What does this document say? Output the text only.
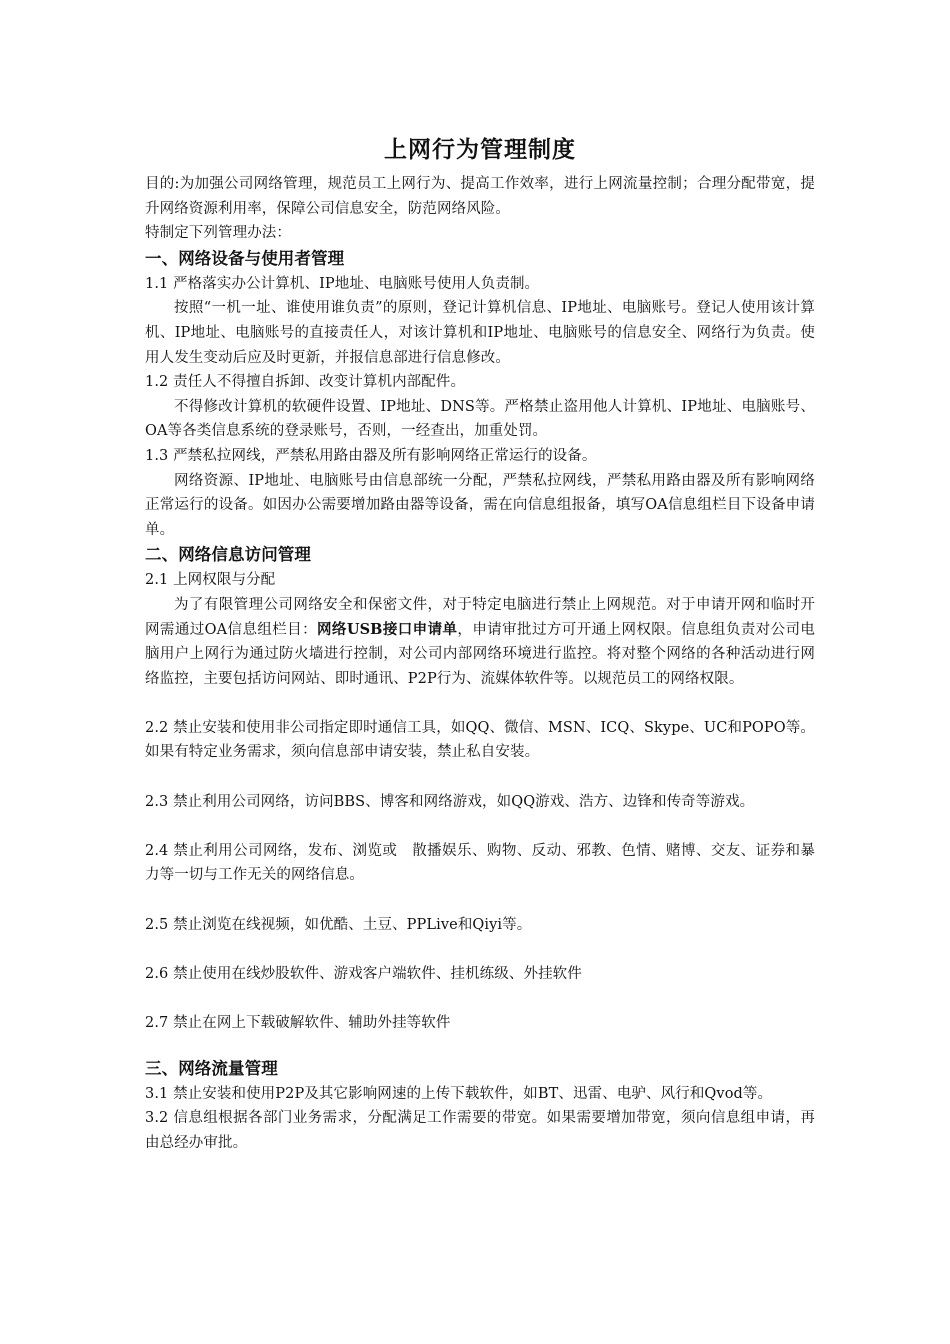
上网行为管理制度

目的:为加强公司网络管理，规范员工上网行为、提高工作效率，进行上网流量控制；合理分配带宽，提升网络资源利用率，保障公司信息安全，防范网络风险。

特制定下列管理办法：

一、网络设备与使用者管理

1.1 严格落实办公计算机、IP地址、电脑账号使用人负责制。

按照“一机一址、谁使用谁负责”的原则，登记计算机信息、IP地址、电脑账号。登记人使用该计算机、IP地址、电脑账号的直接责任人，对该计算机和IP地址、电脑账号的信息安全、网络行为负责。使用人发生变动后应及时更新，并报信息部进行信息修改。

1.2 责任人不得擅自拆卸、改变计算机内部配件。

不得修改计算机的软硬件设置、IP地址、DNS等。严格禁止盗用他人计算机、IP地址、电脑账号、OA等各类信息系统的登录账号，否则，一经查出，加重处罚。

1.3 严禁私拉网线，严禁私用路由器及所有影响网络正常运行的设备。

网络资源、IP地址、电脑账号由信息部统一分配，严禁私拉网线，严禁私用路由器及所有影响网络正常运行的设备。如因办公需要增加路由器等设备，需在向信息组报备，填写OA信息组栏目下设备申请单。

二、网络信息访问管理

2.1 上网权限与分配

为了有限管理公司网络安全和保密文件，对于特定电脑进行禁止上网规范。对于申请开网和临时开网需通过OA信息组栏目：网络USB接口申请单，申请审批过方可开通上网权限。信息组负责对公司电脑用户上网行为通过防火墙进行控制，对公司内部网络环境进行监控。将对整个网络的各种活动进行网络监控，主要包括访问网站、即时通讯、P2P行为、流媒体软件等。以规范员工的网络权限。

2.2 禁止安装和使用非公司指定即时通信工具，如QQ、微信、MSN、ICQ、Skype、UC和POPO等。如果有特定业务需求，须向信息部申请安装，禁止私自安装。

2.3 禁止利用公司网络，访问BBS、博客和网络游戏，如QQ游戏、浩方、边锋和传奇等游戏。

2.4 禁止利用公司网络，发布、浏览或　散播娱乐、购物、反动、邪教、色情、赌博、交友、证券和暴力等一切与工作无关的网络信息。

2.5 禁止浏览在线视频，如优酷、土豆、PPLive和Qiyi等。

2.6 禁止使用在线炒股软件、游戏客户端软件、挂机练级、外挂软件

2.7 禁止在网上下载破解软件、辅助外挂等软件

三、网络流量管理

3.1 禁止安装和使用P2P及其它影响网速的上传下载软件，如BT、迅雷、电驴、风行和Qvod等。

3.2 信息组根据各部门业务需求，分配满足工作需要的带宽。如果需要增加带宽，须向信息组申请，再由总经办审批。
